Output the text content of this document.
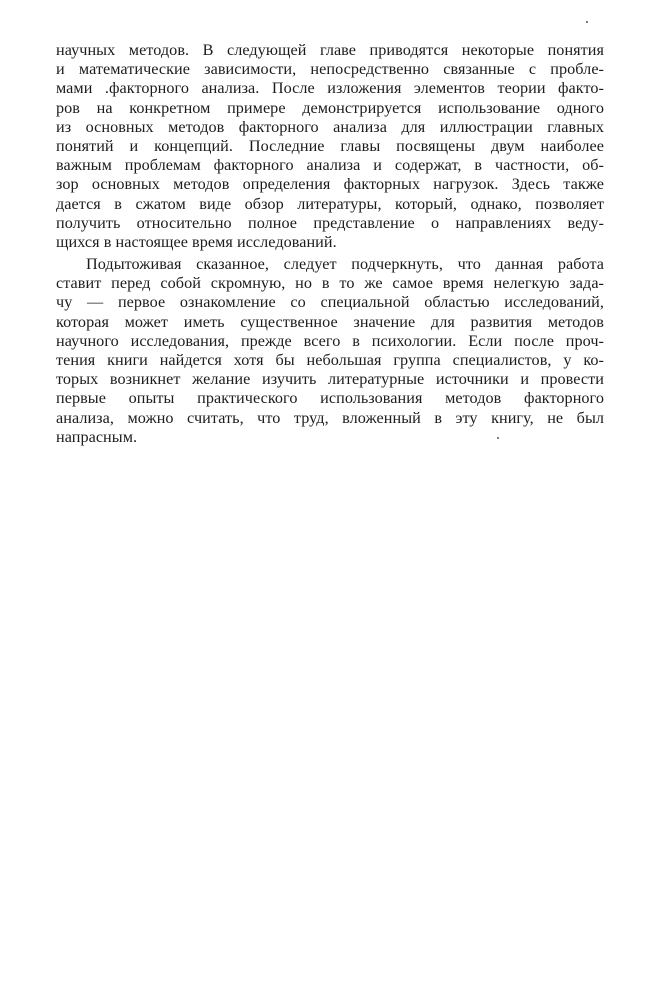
научных методов. В следующей главе приводятся некоторые понятия
и математические зависимости, непосредственно связанные с пробле-
мами .факторного анализа. После изложения элементов теории факто-
ров на конкретном примере демонстрируется использование одного
из основных методов факторного анализа для иллюстрации главных
понятий и концепций. Последние главы посвящены двум наиболее
важным проблемам факторного анализа и содержат, в частности, об-
зор основных методов определения факторных нагрузок. Здесь также
дается в сжатом виде обзор литературы, который, однако, позволяет
получить относительно полное представление о направлениях веду-
щихся в настоящее время исследований.
Подытоживая сказанное, следует подчеркнуть, что данная работа
ставит перед собой скромную, но в то же самое время нелегкую зада-
чу — первое ознакомление со специальной областью исследований,
которая может иметь существенное значение для развития методов
научного исследования, прежде всего в психологии. Если после проч-
тения книги найдется хотя бы небольшая группа специалистов, у ко-
торых возникнет желание изучить литературные источники и провести
первые опыты практического использования методов факторного
анализа, можно считать, что труд, вложенный в эту книгу, не был
напрасным.
